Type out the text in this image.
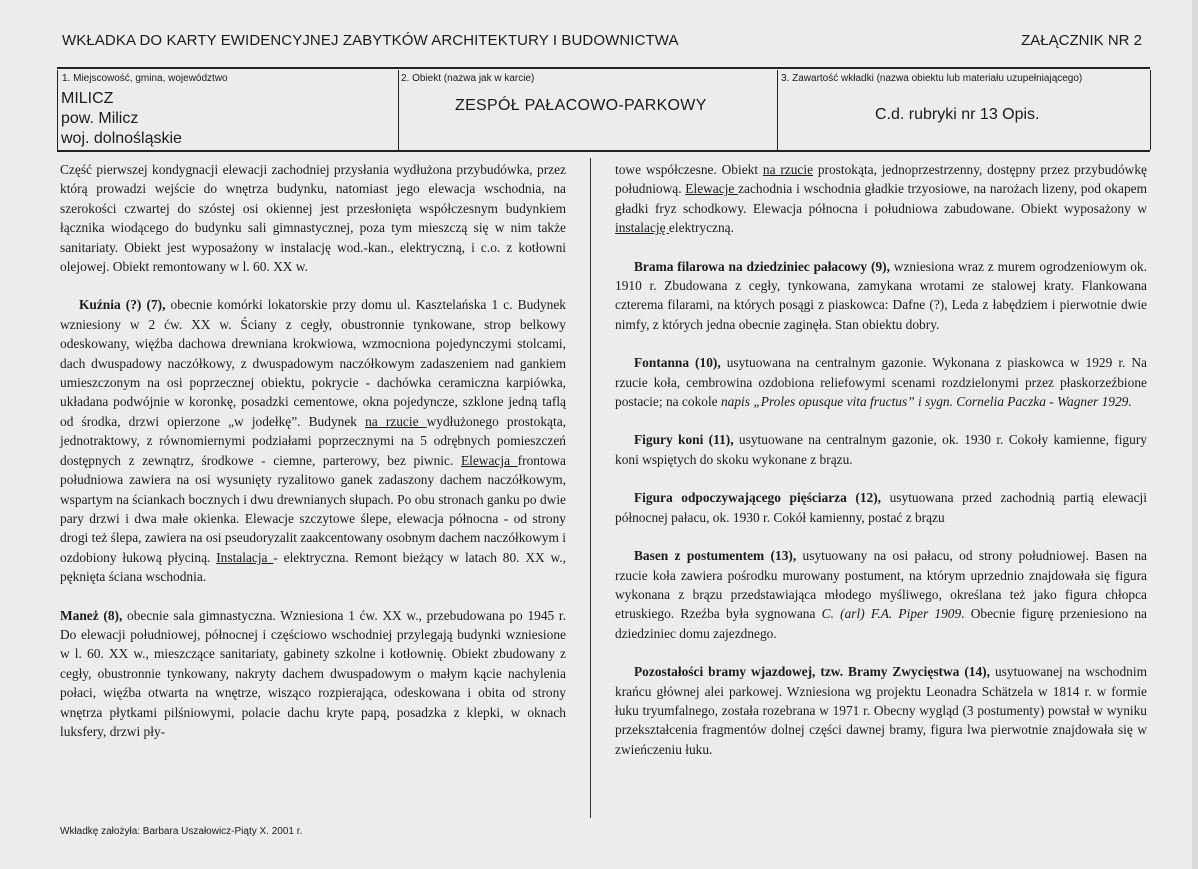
WKŁADKA DO KARTY EWIDENCYJNEJ ZABYTKÓW ARCHITEKTURY I BUDOWNICTWA	ZAŁĄCZNIK NR 2
1. Miejscowość, gmina, województwo
MILICZ
pow. Milicz
woj. dolnośląskie
2. Obiekt (nazwa jak w karcie)
ZESPÓŁ PAŁACOWO-PARKOWY
3. Zawartość wkładki (nazwa obiektu lub materiału uzupełniającego)
C.d. rubryki nr 13 Opis.

Część pierwszej kondygnacji elewacji zachodniej przysłania wydłużona przybudówka, przez którą prowadzi wejście do wnętrza budynku, natomiast jego elewacja wschodnia, na szerokości czwartej do szóstej osi okiennej jest przesłonięta współczesnym budynkiem łącznika wiodącego do budynku sali gimnastycznej, poza tym mieszczą się w nim także sanitariaty. Obiekt jest wyposażony w instalację wod.-kan., elektryczną, i c.o. z kotłowni olejowej. Obiekt remontowany w l. 60. XX w.

Kuźnia (?) (7), obecnie komórki lokatorskie przy domu ul. Kasztelańska 1 c. Budynek wzniesiony w 2 ćw. XX w. Ściany z cegły, obustronnie tynkowane, strop belkowy odeskowany, więźba dachowa drewniana krokwiowa, wzmocniona pojedynczymi stolcami, dach dwuspadowy naczółkowy, z dwuspadowym naczółkowym zadaszeniem nad gankiem umieszczonym na osi poprzecznej obiektu, pokrycie - dachówka ceramiczna karpiówka, układana podwójnie w koronkę, posadzki cementowe, okna pojedyncze, szklone jedną taflą od środka, drzwi opierzone „w jodełkę”. Budynek na rzucie wydłużonego prostokąta, jednotraktowy, z równomiernymi podziałami poprzecznymi na 5 odrębnych pomieszczeń dostępnych z zewnątrz, środkowe - ciemne, parterowy, bez piwnic. Elewacja frontowa południowa zawiera na osi wysunięty ryzalitowo ganek zadaszony dachem naczółkowym, wspartym na ściankach bocznych i dwu drewnianych słupach. Po obu stronach ganku po dwie pary drzwi i dwa małe okienka. Elewacje szczytowe ślepe, elewacja północna - od strony drogi też ślepa, zawiera na osi pseudoryzalit zaakcentowany osobnym dachem naczółkowym i ozdobiony łukową płyciną. Instalacja - elektryczna. Remont bieżący w latach 80. XX w., pęknięta ściana wschodnia.

Maneż (8), obecnie sala gimnastyczna. Wzniesiona 1 ćw. XX w., przebudowana po 1945 r. Do elewacji południowej, północnej i częściowo wschodniej przylegają budynki wzniesione w l. 60. XX w., mieszczące sanitariaty, gabinety szkolne i kotłownię. Obiekt zbudowany z cegły, obustronnie tynkowany, nakryty dachem dwuspadowym o małym kącie nachylenia połaci, więźba otwarta na wnętrze, wisząco rozpierająca, odeskowana i obita od strony wnętrza płytkami pilśniowymi, polacie dachu kryte papą, posadzka z klepki, w oknach luksfery, drzwi pły-

towe współczesne. Obiekt na rzucie prostokąta, jednoprzestrzenny, dostępny przez przybudówkę południową. Elewacje zachodnia i wschodnia gładkie trzyosiowe, na narożach lizeny, pod okapem gładki fryz schodkowy. Elewacja północna i południowa zabudowane. Obiekt wyposażony w instalację elektryczną.

Brama filarowa na dziedziniec pałacowy (9), wzniesiona wraz z murem ogrodzeniowym ok. 1910 r. Zbudowana z cegły, tynkowana, zamykana wrotami ze stalowej kraty. Flankowana czterema filarami, na których posągi z piaskowca: Dafne (?), Leda z łabędziem i pierwotnie dwie nimfy, z których jedna obecnie zaginęła. Stan obiektu dobry.

Fontanna (10), usytuowana na centralnym gazonie. Wykonana z piaskowca w 1929 r. Na rzucie koła, cembrowina ozdobiona reliefowymi scenami rozdzielonymi przez płaskorzeźbione postacie; na cokole napis „Proles opusque vita fructus” i sygn. Cornelia Paczka - Wagner 1929.

Figury koni (11), usytuowane na centralnym gazonie, ok. 1930 r. Cokoły kamienne, figury koni wspiętych do skoku wykonane z brązu.

Figura odpoczywającego pięściarza (12), usytuowana przed zachodnią partią elewacji północnej pałacu, ok. 1930 r. Cokół kamienny, postać z brązu

Basen z postumentem (13), usytuowany na osi pałacu, od strony południowej. Basen na rzucie koła zawiera pośrodku murowany postument, na którym uprzednio znajdowała się figura wykonana z brązu przedstawiająca młodego myśliwego, określana też jako figura chłopca etruskiego. Rzeźba była sygnowana C. (arl) F.A. Piper 1909. Obecnie figurę przeniesiono na dziedziniec domu zajezdnego.

Pozostałości bramy wjazdowej, tzw. Bramy Zwycięstwa (14), usytuowanej na wschodnim krańcu głównej alei parkowej. Wzniesiona wg projektu Leonadra Schätzela w 1814 r. w formie łuku tryumfalnego, została rozebrana w 1971 r. Obecny wygląd (3 postumenty) powstał w wyniku przekształcenia fragmentów dolnej części dawnej bramy, figura lwa pierwotnie znajdowała się w zwieńczeniu łuku.

Wkładkę założyła: Barbara Uszałowicz-Piąty X. 2001 r.
